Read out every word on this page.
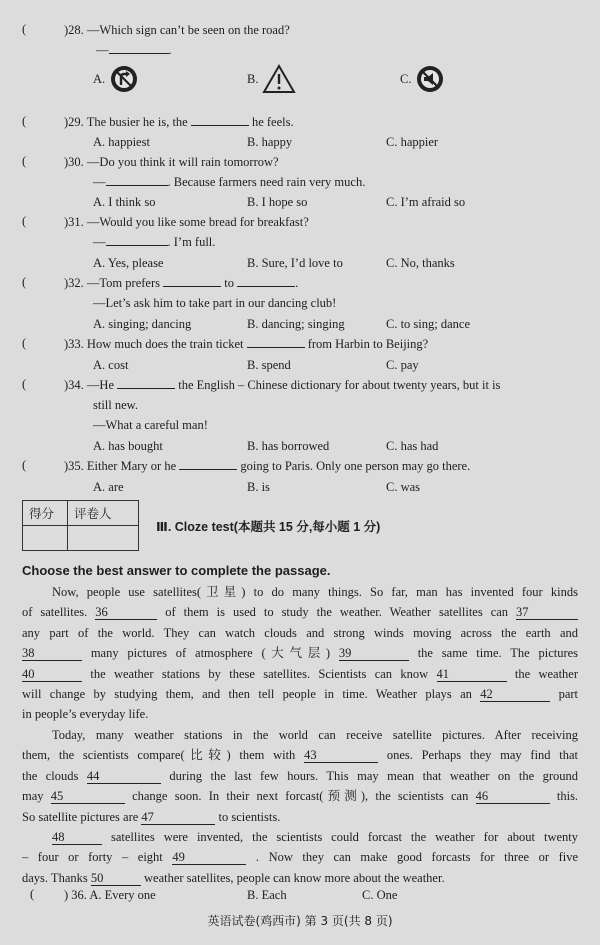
(	)28. —Which sign can’t be seen on the road?
—	.
A.	B.	C.
(	)29. The busier he is, the	he feels.
A. happiest	B. happy	C. happier
(	)30. —Do you think it will rain tomorrow?
—	. Because farmers need rain very much.
A. I think so	B. I hope so	C. I’m afraid so
(	)31. —Would you like some bread for breakfast?
—	. I’m full.
A. Yes, please	B. Sure, I’d love to	C. No, thanks
(	)32. —Tom prefers	to	.
—Let’s ask him to take part in our dancing club!
A. singing; dancing	B. dancing; singing	C. to sing; dance
(	)33. How much does the train ticket	from Harbin to Beijing?
A. cost	B. spend	C. pay
(	)34. —He	the English – Chinese dictionary for about twenty years, but it is
still new.
—What a careful man!
A. has bought	B. has borrowed	C. has had
(	)35. Either Mary or he	going to Paris. Only one person may go there.
A. are	B. is	C. was
得分	评卷人

Ⅲ. Cloze test(本题共 15 分,每小题 1 分)
Choose the best answer to complete the passage.
Now, people use satellites(卫星) to do many things. So far, man has invented four kinds
of satellites. 36	of them is used to study the weather. Weather satellites can 37
any part of the world. They can watch clouds and strong winds moving across the earth and
38	many pictures of atmosphere (大气层) 39	the same time. The pictures
40	the weather stations by these satellites. Scientists can know 41	the weather
will change by studying them, and then tell people in time. Weather plays an 42	part
in people’s everyday life.
Today, many weather stations in the world can receive satellite pictures. After receiving
them, the scientists compare(比较) them with 43	ones. Perhaps they may find that
the clouds 44	during the last few hours. This may mean that weather on the ground
may 45	change soon. In their next forcast(预测), the scientists can 46	this.
So satellite pictures are 47	to scientists.
48	satellites were invented, the scientists could forcast the weather for about twenty
– four or forty – eight 49	. Now they can make good forcasts for three or five
days. Thanks 50	weather satellites, people can know more about the weather.
( ) 36. A. Every one	B. Each	C. One
英语试卷(鸡西市) 第 3 页(共 8 页)
